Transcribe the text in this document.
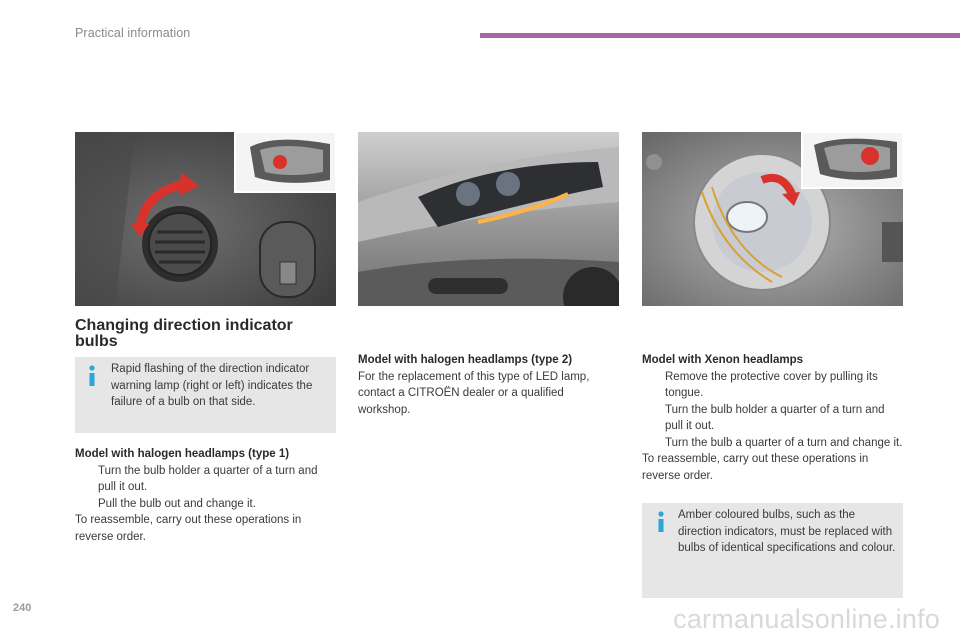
Practical information
Changing direction indicator bulbs
Rapid flashing of the direction indicator warning lamp (right or left) indicates the failure of a bulb on that side.
Model with halogen headlamps (type 1)
Turn the bulb holder a quarter of a turn and pull it out.
Pull the bulb out and change it.
To reassemble, carry out these operations in reverse order.
Model with halogen headlamps (type 2)
For the replacement of this type of LED lamp, contact a CITROËN dealer or a qualified workshop.
Model with Xenon headlamps
Remove the protective cover by pulling its tongue.
Turn the bulb holder a quarter of a turn and pull it out.
Turn the bulb a quarter of a turn and change it.
To reassemble, carry out these operations in reverse order.
Amber coloured bulbs, such as the direction indicators, must be replaced with bulbs of identical specifications and colour.
240	carmanualsonline.info
